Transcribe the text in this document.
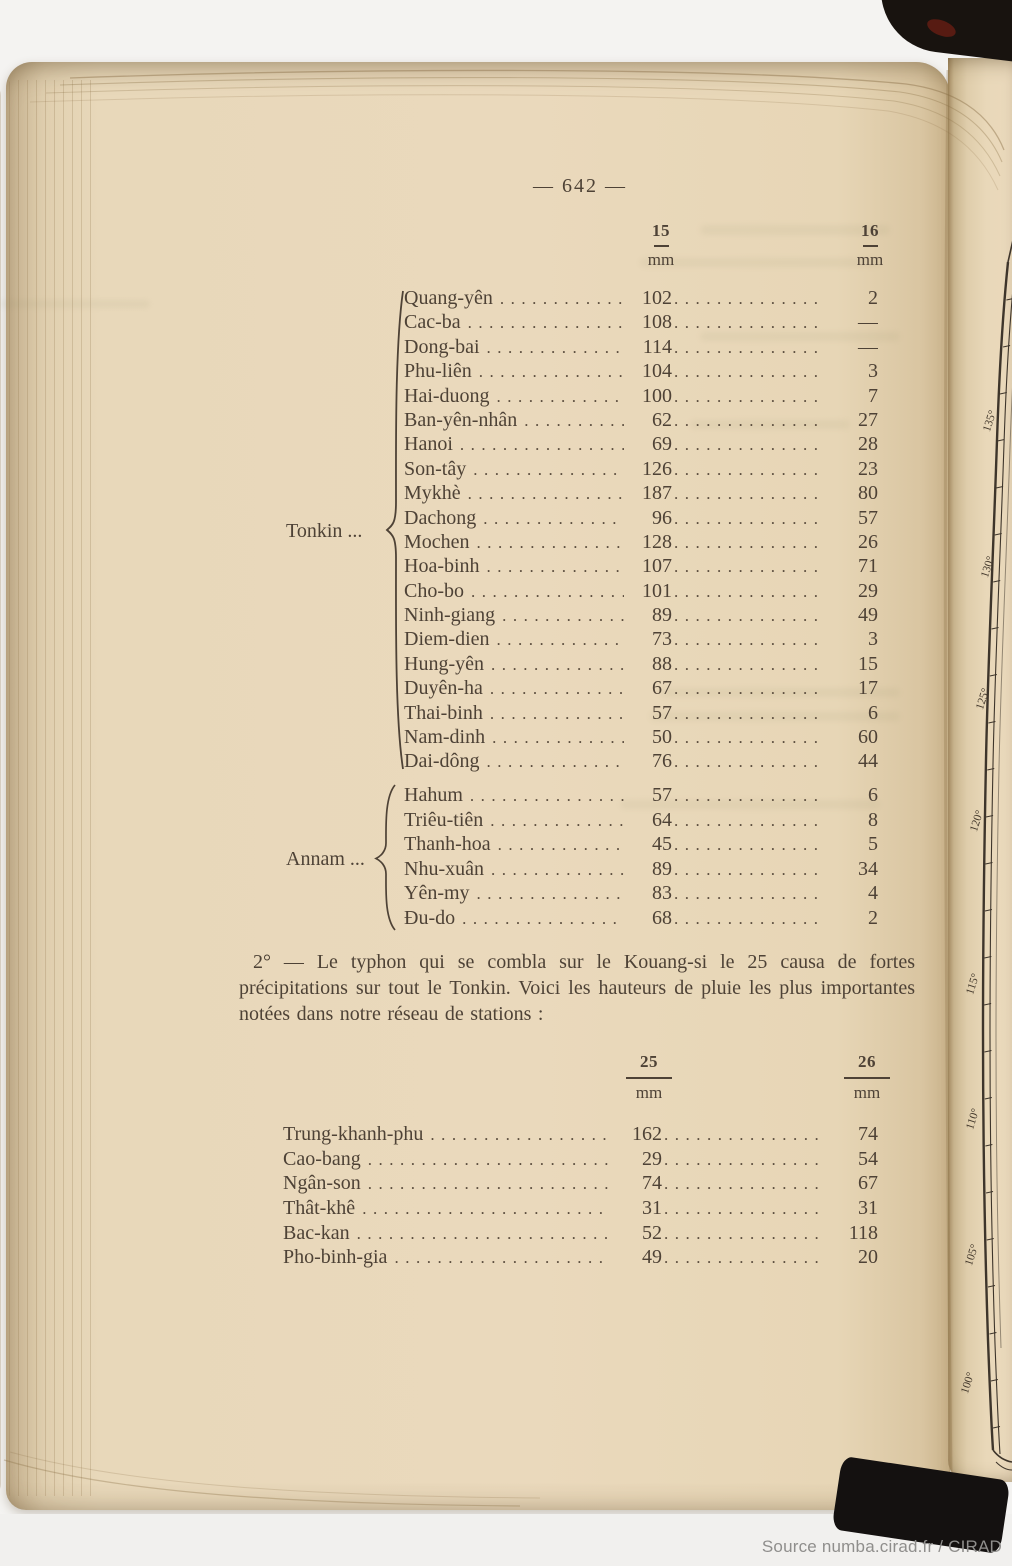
135°
130°
125°
120°
115°
110°
105°
100°
— 642 —
15
mm
16
mm
Tonkin ...
Quang-yên .....	102 .....	2
Cac-ba .....	108 .....	—
Dong-bai .....	114 .....	—
Phu-liên .....	104 .....	3
Hai-duong .....	100 .....	7
Ban-yên-nhân .....	62 .....	27
Hanoi .....	69 .....	28
Son-tây .....	126 .....	23
Mykhè .....	187 .....	80
Dachong .....	96 .....	57
Mochen .....	128 .....	26
Hoa-binh .....	107 .....	71
Cho-bo .....	101 .....	29
Ninh-giang .....	89 .....	49
Diem-dien .....	73 .....	3
Hung-yên .....	88 .....	15
Duyên-ha .....	67 .....	17
Thai-binh .....	57 .....	6
Nam-dinh .....	50 .....	60
Dai-dông .....	76 .....	44
Annam ...
Hahum .....	57 .....	6
Triêu-tiên .....	64 .....	8
Thanh-hoa .....	45 .....	5
Nhu-xuân .....	89 .....	34
Yên-my .....	83 .....	4
Đu-do .....	68 .....	2
2° — Le typhon qui se combla sur le Kouang-si le 25 causa de fortes précipitations sur tout le Tonkin. Voici les hauteurs de pluie les plus importantes notées dans notre réseau de stations :
25
mm
26
mm
Trung-khanh-phu .....	162 .....	74
Cao-bang .....	29 .....	54
Ngân-son .....	74 .....	67
Thât-khê .....	31 .....	31
Bac-kan .....	52 .....	118
Pho-binh-gia .....	49 .....	20
Source numba.cirad.fr / CIRAD
